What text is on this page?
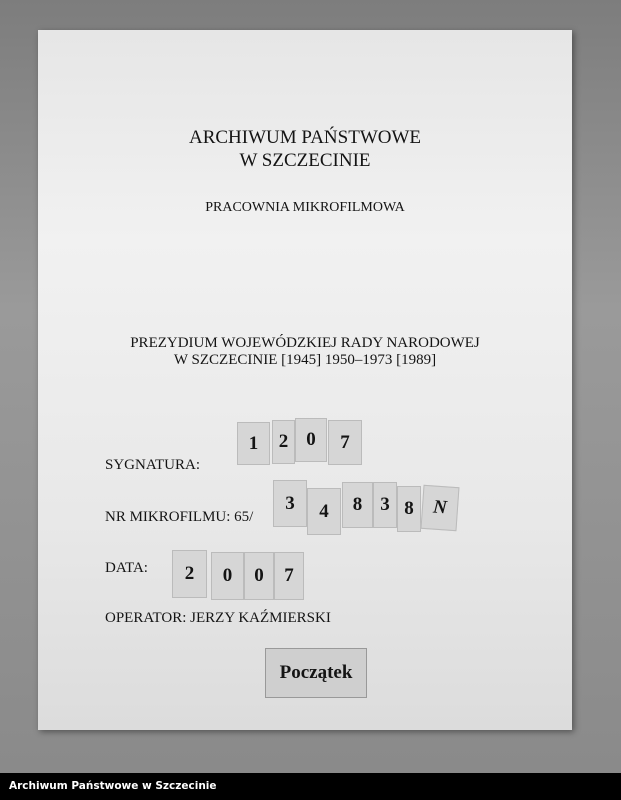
ARCHIWUM PAŃSTWOWE
W SZCZECINIE
PRACOWNIA MIKROFILMOWA
PREZYDIUM WOJEWÓDZKIEJ RADY NARODOWEJ
W SZCZECINIE [1945] 1950–1973 [1989]
SYGNATURA:
1	2 0	7
NR MIKROFILMU: 65/
3	4	8 3 8 N
DATA:	2	0	0	7
OPERATOR: JERZY KAŹMIERSKI
Początek
Archiwum Państwowe w Szczecinie
